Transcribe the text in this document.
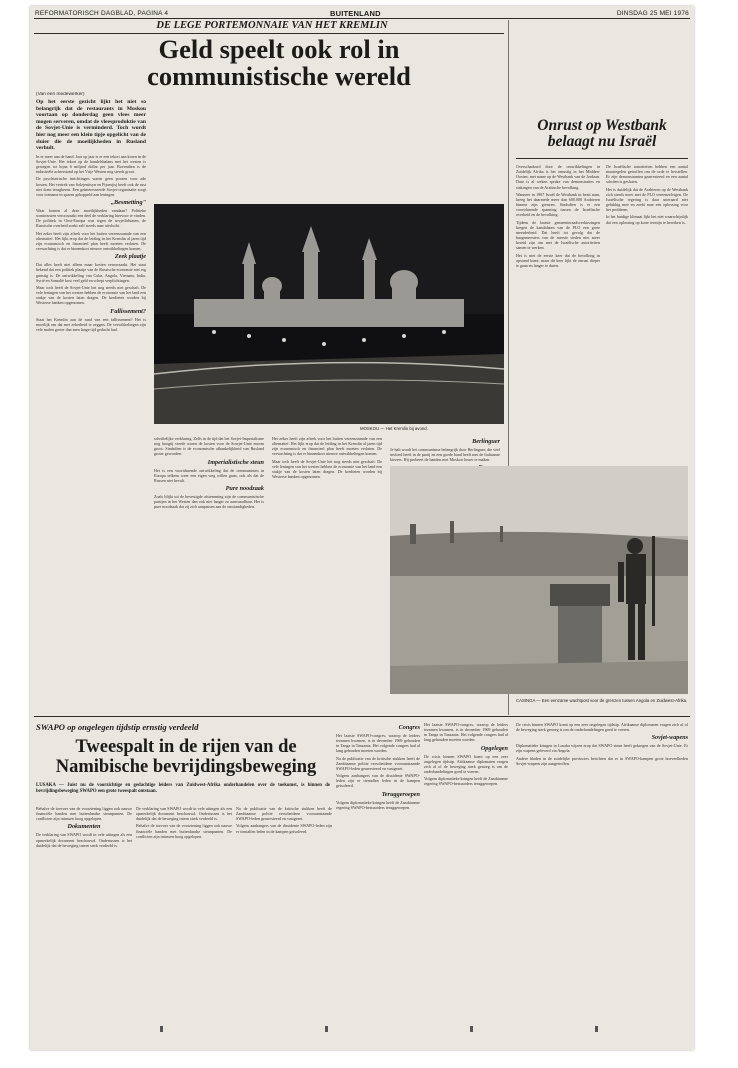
REFORMATORISCH DAGBLAD, PAGINA 4	BUITENLAND	DINSDAG 25 MEI 1976
DE LEGE PORTEMONNAIE VAN HET KREMLIN
Geld speelt ook rol in communistische wereld
(Van een medewerker)
Op het eerste gezicht lijkt het niet so belangrijk dat de restaurants in Moskou voortaan op donderdag geen vlees meer mogen serveren, omdat de vleesproduktie van de Sovjet-Unie is verminderd. Toch wordt hier nog meer een klein tipje opgelicht van de sluier die de moeilijkheden in Rusland verhult.

In er meer aan de hand. Jaar op jaar is er een tekort aan koren in de Sovjet-Unie. Het tekort op de handelsbalans met het westen is gestegen tot bijna 6 miljard dollar per jaar. Bovendien is de industriële achterstand op het Vrije Westen nog steeds groot.

De psychiatrische inrichtingen waren geen poosen voor ade kosten. Het vertrek van Solzjenitsyn en Pijoesjtsj heeft ook de rust niet doen terugkeren. Een geïnteresseerde Sovjet-organisatie zorgt voor toename in sparen gekoppeld aan leningen.

„Besmetting"

Waar komen al deze moeilijkheden vandaan? Politieke wantrouwen veroorzaakt een deel de verklaring hiervoor te vinden. De politiek in Oost-Europa was tegen de sovjetlidstaten, de Russische overheid zoekt zelf steeds naar uitvlucht.

Het zeker heeft zijn aftrek voor het buiten vereenzaamde van een alternatief. Het lijkt erop dat de leiding in het Kremlin al jaren tijd zijn economisch en financieel plan heeft moeten verlaten. De verwachting is dat er binnenkort nieuwe ontwikkelingen komen.

Zeek plaatje

Dat alles heeft niet alleen maar kosten veroorzaakt. Het staat bekend dat een politiek plaatje van de Russische economie niet erg gunstig is. De ontwikkeling van Cuba, Angola, Vietnam, India, Syrië en Somalië kost veel geld en schept verplichtingen.

Maar toch heeft de Sovjet-Unie het nog steeds niet geschaft. De vele leningen van het westen hebben de economie van het land een stukje van de kosten laten dragen. De kredieten worden bij Westerse banken opgenomen.

Fallissement?

Staat het Kremlin aan de rand van een fallissement? Het is moeilijk om dat met zekerheid te zeggen. De verwikkelingen zijn vele malen groter dan men lange tijd gedacht had.

MOSKOU — Het Kremlin bij avond.

schriftelijke verklaring. Zelfs in de tijd dat het Sovjet-Imperialisme nog hoogtij vierde waren de kosten voor de Sowjet-Unie enorm groot. Sindsdien is de economische afhankelijkheid van Rusland groter geworden.

Imperialistische steun

Het is een voortdurende ontwikkeling dat de communisten in Europa telkens weer een eigen weg willen gaan, ook als dat de Russen niet bevalt.

Pure noodzaak

Zoals blijkt uit de bevestigde afstemming zijn de communistische partijen in het Westen dan ook niet langer zo aanvaardbaar. Het is pure noodzaak dat zij zich aanpassen aan de omstandigheden.

Het zeker heeft zijn aftrek voor het buiten vereenzaamde van een alternatief. Het lijkt erop dat de leiding in het Kremlin al jaren tijd zijn economisch en financieel plan heeft moeten verlaten. De verwachting is dat er binnenkort nieuwe ontwikkelingen komen.

Maar toch heeft de Sovjet-Unie het nog steeds niet geschaft. De vele leningen van het westen hebben de economie van het land een stukje van de kosten laten dragen. De kredieten worden bij Westerse banken opgenomen.

Berlinguer

Je halt wordt het communisme belangrijk door Berlinguer, die veel invloed heeft in de partij en een goede band heeft met de Italiaanse kiezers. Hij probeert de banden met Moskou losser te maken.

Onrust op Westbank belaagt nu Israël

Overschaduwd door de ontwikkelingen in Zuidelijk Afrika is het onrustig in het Midden-Oosten, met name op de Westbank van de Jordaan. Daar is al weken sprake van demonstraties en stakingen van de Arabische bevolking.

Wanneer in 1967 Israël de Westbank in bezit nam, kreeg het daarmede meer dan 600.000 Arabieren binnen zijn grenzen. Sindsdien is er een voortdurende spanning tussen de Israëlische overheid en de bevolking.

Tijdens de laatste gemeenteraadsverkiezingen kregen de kandidaten van de PLO een grote meerderheid. Dat heeft tot gevolg dat de burgemeesters van de meeste steden niet meer bereid zijn om met de Israëlische autoriteiten samen te werken.

Het is niet de eerste keer dat de bevolking in opstand komt, maar dit keer lijkt de onrust dieper te gaan en langer te duren.

De Israëlische autoriteiten hebben een aantal maatregelen getroffen om de orde te herstellen. Er zijn demonstranten gearresteerd en een aantal scholen is gesloten.

Het is duidelijk dat de Arabieren op de Westbank zich steeds meer met de PLO vereenzelvigen. De Israëlische regering is daar uiteraard niet gelukkig mee en zoekt naar een oplossing voor het probleem.

In het huidige klimaat lijkt het niet waarschijnlijk dat een oplossing op korte termijn te bereiken is.

CASINGA — Een eenzame wachtpost voor de grenzen tussen Angola en Zuidwest-Afrika.
SWAPO op ongelegen tijdstip ernstig verdeeld
Tweespalt in de rijen van de Namibische bevrijdingsbeweging
LUSAKA — Juist nu de voorzichtige en gedachtige leiders van Zuidwest-Afrika onderhandelen over de toekomst, is binnen de bevrijdingsbeweging SWAPO een grote tweespalt ontstaan.

Behalve de toevoer van de voorziening liggen ook nauwe financiële banden met buitenlandse steunpunten. De conflicten zijn intussen hoog opgelopen.

Dokumenten

De verklaring van SWAPO wordt in vele uitingen als een opmerkelijk document beschouwd. Ondertussen is het duidelijk dat de beweging intern sterk verdeeld is.

De verklaring van SWAPO wordt in vele uitingen als een opmerkelijk document beschouwd. Ondertussen is het duidelijk dat de beweging intern sterk verdeeld is.

Behalve de toevoer van de voorziening liggen ook nauwe financiële banden met buitenlandse steunpunten. De conflicten zijn intussen hoog opgelopen.

Na de publicatie van de kritische stukken heeft de Zambiaanse politie verscheidene vooraanstaande SWAPO-leden gearresteerd en vastgezet.

Volgens aanhangers van de dissidente SWAPO-leden zijn er tientallen leden in de kampen geïsoleerd.

Congres

Het laatste SWAPO-congres, waarop de leiders tezamen kwamen, is in december 1969 gehouden in Tanga in Tanzania. Het volgende congres had al lang gehouden moeten worden.

Na de publicatie van de kritische stukken heeft de Zambiaanse politie verscheidene vooraanstaande SWAPO-leden gearresteerd en vastgezet.

Volgens aanhangers van de dissidente SWAPO-leden zijn er tientallen leden in de kampen geïsoleerd.

Teruggeroepen

Volgens diplomatieke kringen heeft de Zambiaanse regering SWAPO-bestuurders teruggeroepen.

Het laatste SWAPO-congres, waarop de leiders tezamen kwamen, is in december 1969 gehouden in Tanga in Tanzania. Het volgende congres had al lang gehouden moeten worden.

Opgelegen

De crisis binnen SWAPO komt op een zeer ongelegen tijdstip. Afrikaanse diplomaten vragen zich af of de beweging sterk genoeg is om de onderhandelingen goed te voeren.

Volgens diplomatieke kringen heeft de Zambiaanse regering SWAPO-bestuurders teruggeroepen.

De crisis binnen SWAPO komt op een zeer ongelegen tijdstip. Afrikaanse diplomaten vragen zich af of de beweging sterk genoeg is om de onderhandelingen goed te voeren.

Sovjet-wapens

Diplomatieke kringen in Lusaka wijzen erop dat SWAPO steun heeft gekregen van de Sovjet-Unie. Er zijn wapens geleverd via Angola.

Andere bladen in de zuidelijke provincies berichten dat er in SWAPO-kampen grote hoeveelheden Sovjet-wapens zijn aangetroffen.
